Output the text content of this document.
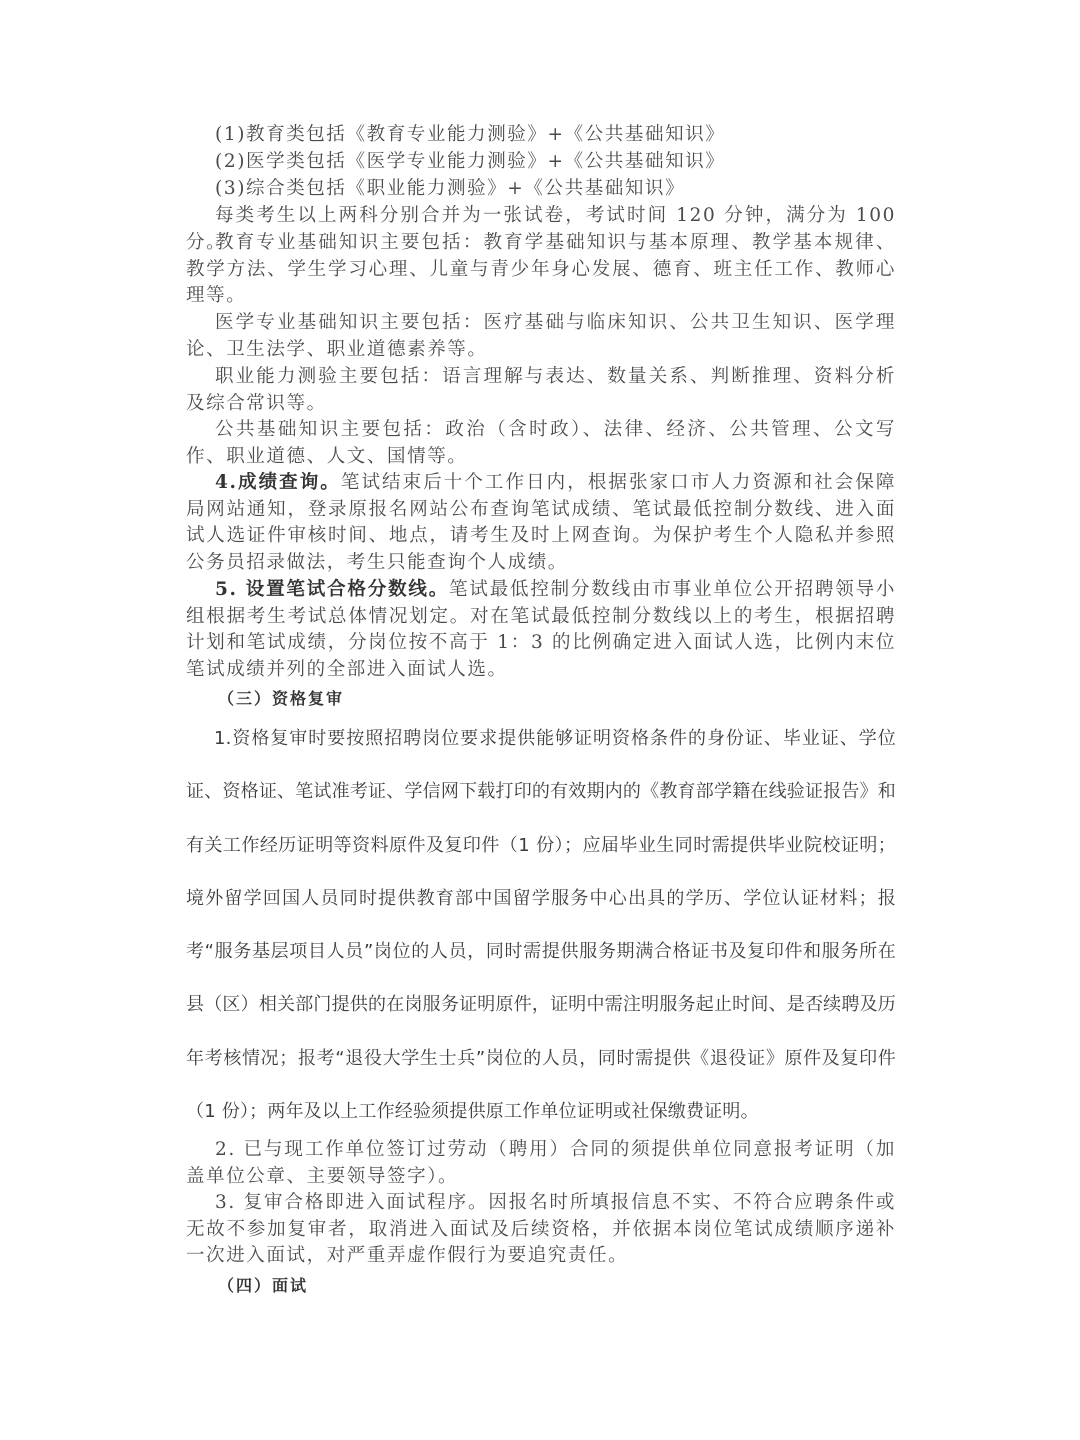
(1)教育类包括《教育专业能力测验》+《公共基础知识》

(2)医学类包括《医学专业能力测验》+《公共基础知识》

(3)综合类包括《职业能力测验》+《公共基础知识》

每类考生以上两科分别合并为一张试卷，考试时间 120 分钟，满分为 100 分。

教育专业基础知识主要包括：教育学基础知识与基本原理、教学基本规律、教学方法、学生学习心理、儿童与青少年身心发展、德育、班主任工作、教师心理等。

医学专业基础知识主要包括：医疗基础与临床知识、公共卫生知识、医学理论、卫生法学、职业道德素养等。

职业能力测验主要包括：语言理解与表达、数量关系、判断推理、资料分析及综合常识等。

公共基础知识主要包括：政治（含时政）、法律、经济、公共管理、公文写作、职业道德、人文、国情等。

4.成绩查询。笔试结束后十个工作日内，根据张家口市人力资源和社会保障局网站通知，登录原报名网站公布查询笔试成绩、笔试最低控制分数线、进入面试人选证件审核时间、地点，请考生及时上网查询。为保护考生个人隐私并参照公务员招录做法，考生只能查询个人成绩。

5. 设置笔试合格分数线。笔试最低控制分数线由市事业单位公开招聘领导小组根据考生考试总体情况划定。对在笔试最低控制分数线以上的考生，根据招聘计划和笔试成绩，分岗位按不高于 1：3 的比例确定进入面试人选，比例内末位笔试成绩并列的全部进入面试人选。

（三）资格复审

1.资格复审时要按照招聘岗位要求提供能够证明资格条件的身份证、毕业证、学位证、资格证、笔试准考证、学信网下载打印的有效期内的《教育部学籍在线验证报告》和有关工作经历证明等资料原件及复印件（1 份）；应届毕业生同时需提供毕业院校证明；境外留学回国人员同时提供教育部中国留学服务中心出具的学历、学位认证材料；报考“服务基层项目人员”岗位的人员，同时需提供服务期满合格证书及复印件和服务所在县（区）相关部门提供的在岗服务证明原件，证明中需注明服务起止时间、是否续聘及历年考核情况；报考“退役大学生士兵”岗位的人员，同时需提供《退役证》原件及复印件（1 份）；两年及以上工作经验须提供原工作单位证明或社保缴费证明。

2. 已与现工作单位签订过劳动（聘用）合同的须提供单位同意报考证明（加盖单位公章、主要领导签字）。

3. 复审合格即进入面试程序。因报名时所填报信息不实、不符合应聘条件或无故不参加复审者，取消进入面试及后续资格，并依据本岗位笔试成绩顺序递补一次进入面试，对严重弄虚作假行为要追究责任。

（四）面试
